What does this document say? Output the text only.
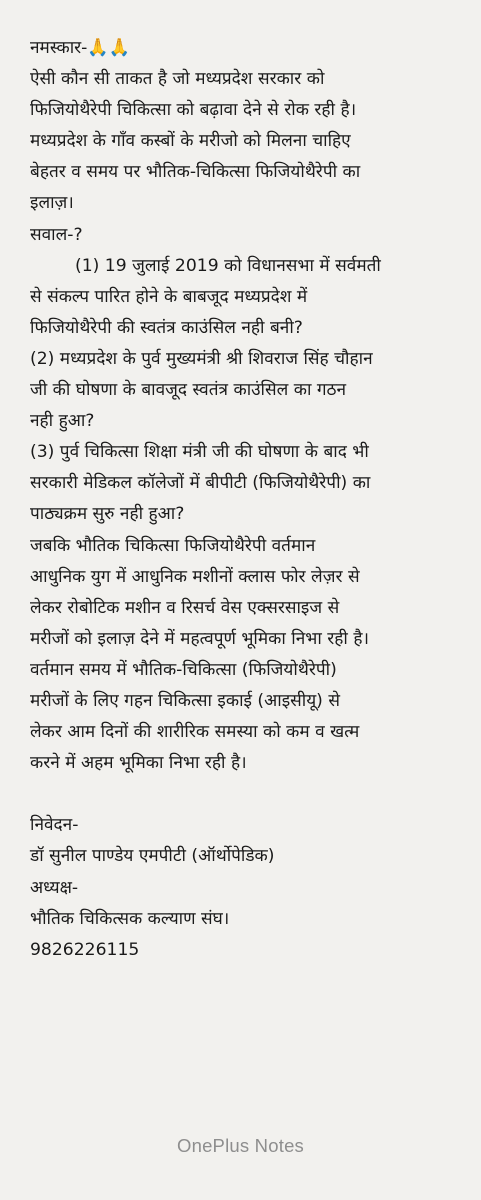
नमस्कार-🙏🙏
ऐसी कौन सी ताकत है जो मध्यप्रदेश सरकार को
फिजियोथैरेपी चिकित्सा को बढ़ावा देने से रोक रही है।
मध्यप्रदेश के गाँव कस्बों के मरीजो को मिलना चाहिए
बेहतर व समय पर भौतिक-चिकित्सा फिजियोथैरेपी का
इलाज़।
सवाल-?
(1) 19 जुलाई 2019 को विधानसभा में सर्वमती
से संकल्प पारित होने के बाबजूद मध्यप्रदेश में
फिजियोथैरेपी की स्वतंत्र काउंसिल नही बनी?
(2) मध्यप्रदेश के पुर्व मुख्यमंत्री श्री शिवराज सिंह चौहान
जी की घोषणा के बावजूद स्वतंत्र काउंसिल का गठन
नही हुआ?
(3) पुर्व चिकित्सा शिक्षा मंत्री जी की घोषणा के बाद भी
सरकारी मेडिकल कॉलेजों में बीपीटी (फिजियोथैरेपी) का
पाठ्यक्रम सुरु नही हुआ?
जबकि भौतिक चिकित्सा फिजियोथैरेपी वर्तमान
आधुनिक युग में आधुनिक मशीनों क्लास फोर लेज़र से
लेकर रोबोटिक मशीन व रिसर्च वेस एक्सरसाइज से
मरीजों को इलाज़ देने में महत्वपूर्ण भूमिका निभा रही है।
वर्तमान समय में भौतिक-चिकित्सा (फिजियोथैरेपी)
मरीजों के लिए गहन चिकित्सा इकाई (आइसीयू) से
लेकर आम दिनों की शारीरिक समस्या को कम व खत्म
करने में अहम भूमिका निभा रही है।
निवेदन-
डॉ सुनील पाण्डेय एमपीटी (ऑर्थोपेडिक)
अध्यक्ष-
भौतिक चिकित्सक कल्याण संघ।
9826226115
OnePlus Notes
